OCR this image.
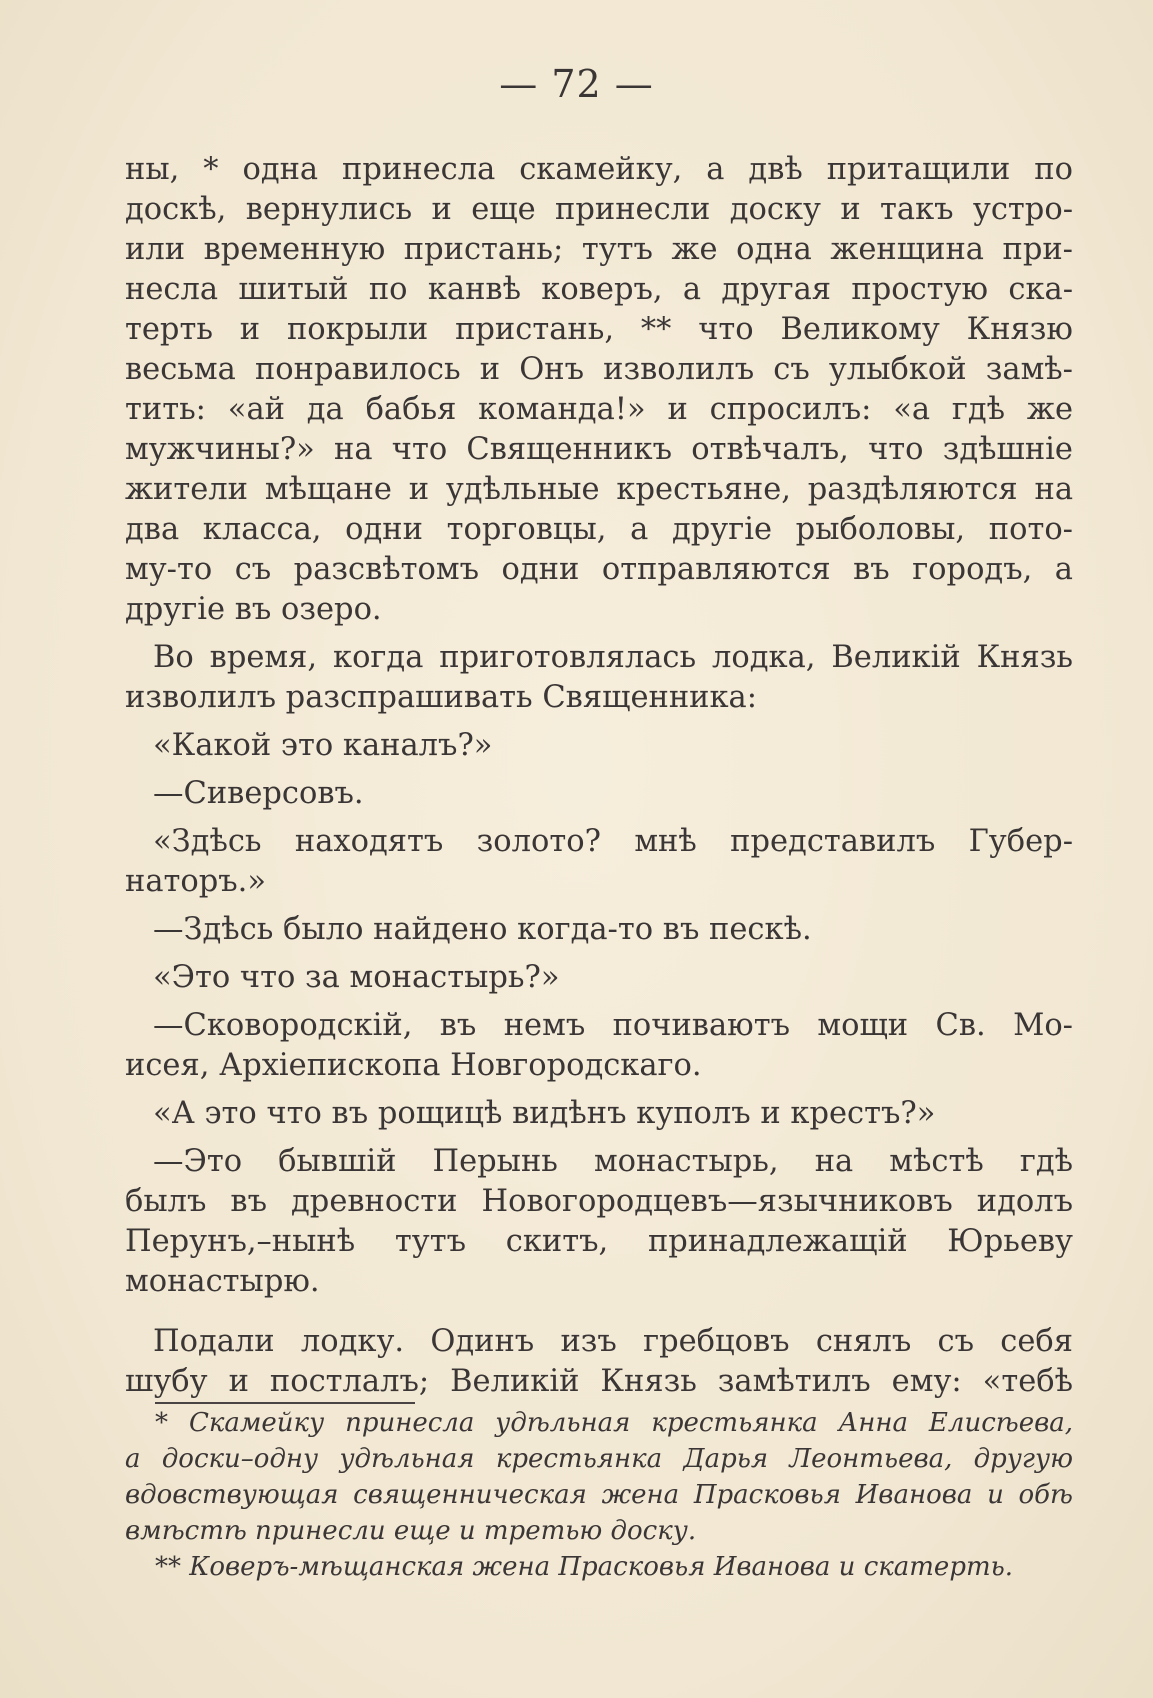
— 72 —
ны, * одна принесла скамейку, а двѣ притащили по
доскѣ, вернулись и еще принесли доску и такъ устро-
или временную пристань; тутъ же одна женщина при-
несла шитый по канвѣ коверъ, а другая простую ска-
терть и покрыли пристань, ** что Великому Князю
весьма понравилось и Онъ изволилъ съ улыбкой замѣ-
тить: «ай да бабья команда!» и спросилъ: «а гдѣ же
мужчины?» на что Священникъ отвѣчалъ, что здѣшніе
жители мѣщане и удѣльные крестьяне, раздѣляются на
два класса, одни торговцы, а другіе рыболовы, пото-
му-то съ разсвѣтомъ одни отправляются въ городъ, а
другіе въ озеро.
Во время, когда приготовлялась лодка, Великій Князь
изволилъ разспрашивать Священника:
«Какой это каналъ?»
—Сиверсовъ.
«Здѣсь находятъ золото? мнѣ представилъ Губер-
наторъ.»
—Здѣсь было найдено когда-то въ пескѣ.
«Это что за монастырь?»
—Сковородскій, въ немъ почиваютъ мощи Св. Мо-
исея, Архіепископа Новгородскаго.
«А это что въ рощицѣ видѣнъ куполъ и крестъ?»
—Это бывшій Перынь монастырь, на мѣстѣ гдѣ
былъ въ древности Новогородцевъ—язычниковъ идолъ
Перунъ,–нынѣ тутъ скитъ, принадлежащій Юрьеву
монастырю.
Подали лодку. Одинъ изъ гребцовъ снялъ съ себя
шубу и постлалъ; Великій Князь замѣтилъ ему: «тебѣ
* Скамейку принесла удѣльная крестьянка Анна Елисѣева,
а доски–одну удѣльная крестьянка Дарья Леонтьева, другую
вдовствующая священническая жена Прасковья Иванова и обѣ
вмѣстѣ принесли еще и третью доску.
** Коверъ-мѣщанская жена Прасковья Иванова и скатерть.
